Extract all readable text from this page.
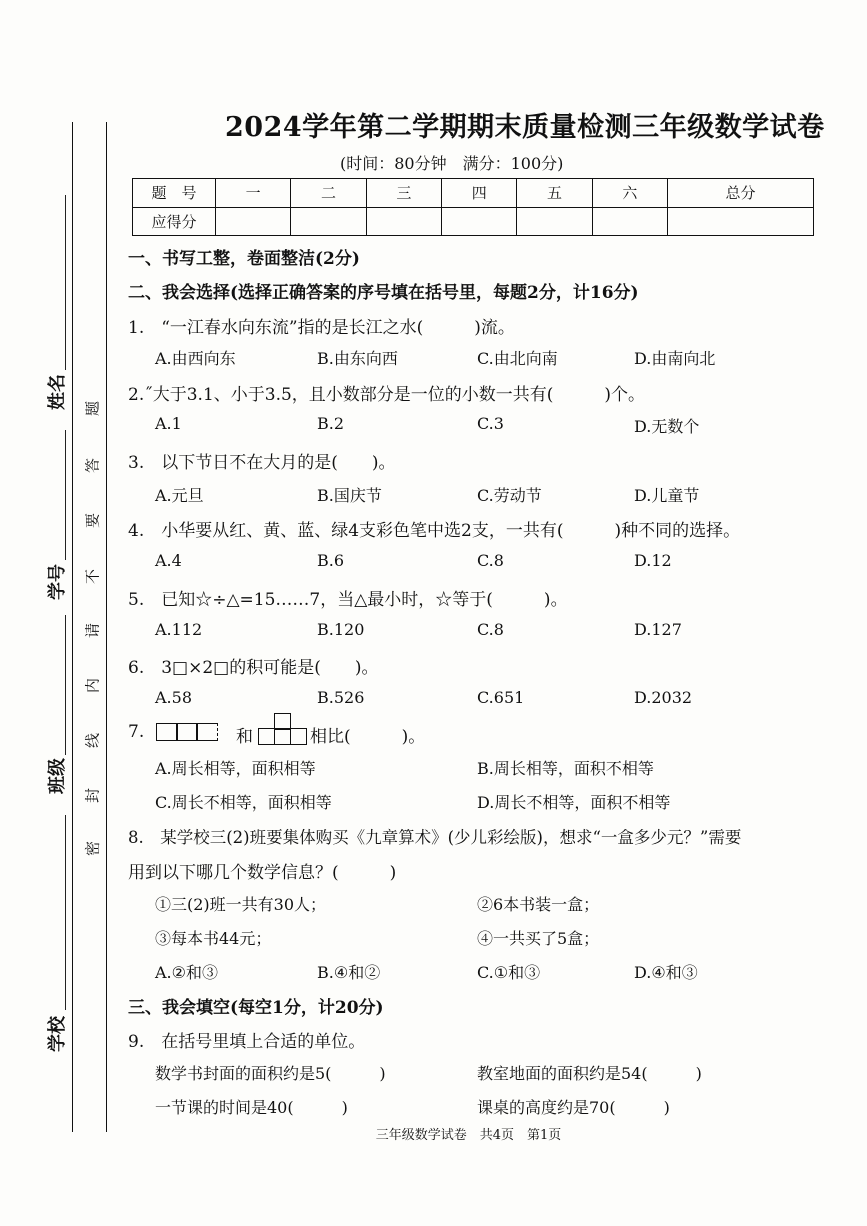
姓名
学号
班级
学校
题
答
要
不
请
内
线
封
密
2024学年第二学期期末质量检测三年级数学试卷
(时间：80分钟　满分：100分)
题　号	一	二	三	四	五	六	总分
应得分							
一、书写工整，卷面整洁(2分)
二、我会选择(选择正确答案的序号填在括号里，每题2分，计16分)
1.　“一江春水向东流”指的是长江之水(　　　)流。
A.由西向东	B.由东向西	C.由北向南	D.由南向北
2.˝大于3.1、小于3.5，且小数部分是一位的小数一共有(　　　)个。
A.1	B.2	C.3	D.无数个
3.　以下节日不在大月的是(　　)。
A.元旦	B.国庆节	C.劳动节	D.儿童节
4.　小华要从红、黄、蓝、绿4支彩色笔中选2支，一共有(　　　)种不同的选择。
A.4	B.6	C.8	D.12
5.　已知☆÷△=15……7，当△最小时，☆等于(　　　)。
A.112	B.120	C.8	D.127
6.　3□×2□的积可能是(　　)。
A.58	B.526	C.651	D.2032
7.	和	相比(　　　)。
A.周长相等，面积相等	B.周长相等，面积不相等
C.周长不相等，面积相等	D.周长不相等，面积不相等
8.　某学校三(2)班要集体购买《九章算术》(少儿彩绘版)，想求“一盒多少元？”需要
用到以下哪几个数学信息？(　　　)
①三(2)班一共有30人；	②6本书装一盒；
③每本书44元；	④一共买了5盒；
A.②和③	B.④和②	C.①和③	D.④和③
三、我会填空(每空1分，计20分)
9.　在括号里填上合适的单位。
数学书封面的面积约是5(　　　)	教室地面的面积约是54(　　　)
一节课的时间是40(　　　)	课桌的高度约是70(　　　)
三年级数学试卷　共4页　第1页
